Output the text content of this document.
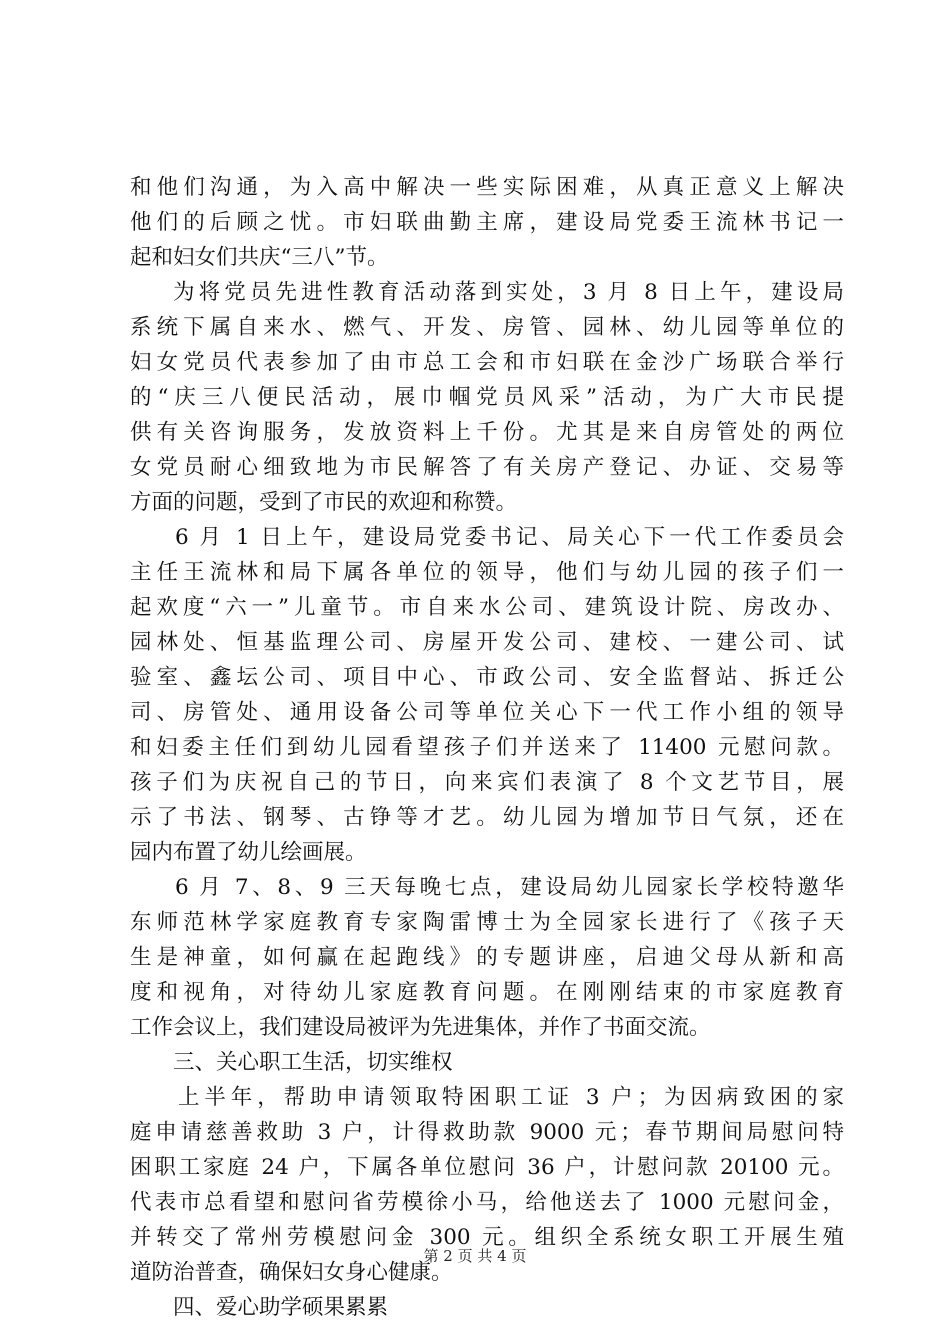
和他们沟通，为入高中解决一些实际困难，从真正意义上解决
他们的后顾之忧。市妇联曲勤主席，建设局党委王流林书记一
起和妇女们共庆“三八”节。
为将党员先进性教育活动落到实处，3 月 8 日上午，建设局
系统下属自来水、燃气、开发、房管、园林、幼儿园等单位的
妇女党员代表参加了由市总工会和市妇联在金沙广场联合举行
的“庆三八便民活动，展巾帼党员风采”活动，为广大市民提
供有关咨询服务，发放资料上千份。尤其是来自房管处的两位
女党员耐心细致地为市民解答了有关房产登记、办证、交易等
方面的问题，受到了市民的欢迎和称赞。
6 月 1 日上午，建设局党委书记、局关心下一代工作委员会
主任王流林和局下属各单位的领导，他们与幼儿园的孩子们一
起欢度“六一”儿童节。市自来水公司、建筑设计院、房改办、
园林处、恒基监理公司、房屋开发公司、建校、一建公司、试
验室、鑫坛公司、项目中心、市政公司、安全监督站、拆迁公
司、房管处、通用设备公司等单位关心下一代工作小组的领导
和妇委主任们到幼儿园看望孩子们并送来了 11400 元慰问款。
孩子们为庆祝自己的节日，向来宾们表演了 8 个文艺节目，展
示了书法、钢琴、古铮等才艺。幼儿园为增加节日气氛，还在
园内布置了幼儿绘画展。
6 月 7、8、9 三天每晚七点，建设局幼儿园家长学校特邀华
东师范林学家庭教育专家陶雷博士为全园家长进行了《孩子天
生是神童，如何赢在起跑线》的专题讲座，启迪父母从新和高
度和视角，对待幼儿家庭教育问题。在刚刚结束的市家庭教育
工作会议上，我们建设局被评为先进集体，并作了书面交流。
三、关心职工生活，切实维权
上半年，帮助申请领取特困职工证 3 户；为因病致困的家
庭申请慈善救助 3 户，计得救助款 9000 元；春节期间局慰问特
困职工家庭 24 户，下属各单位慰问 36 户，计慰问款 20100 元。
代表市总看望和慰问省劳模徐小马，给他送去了 1000 元慰问金，
并转交了常州劳模慰问金 300 元。组织全系统女职工开展生殖
道防治普查，确保妇女身心健康。
四、爱心助学硕果累累
第 2 页 共 4 页
